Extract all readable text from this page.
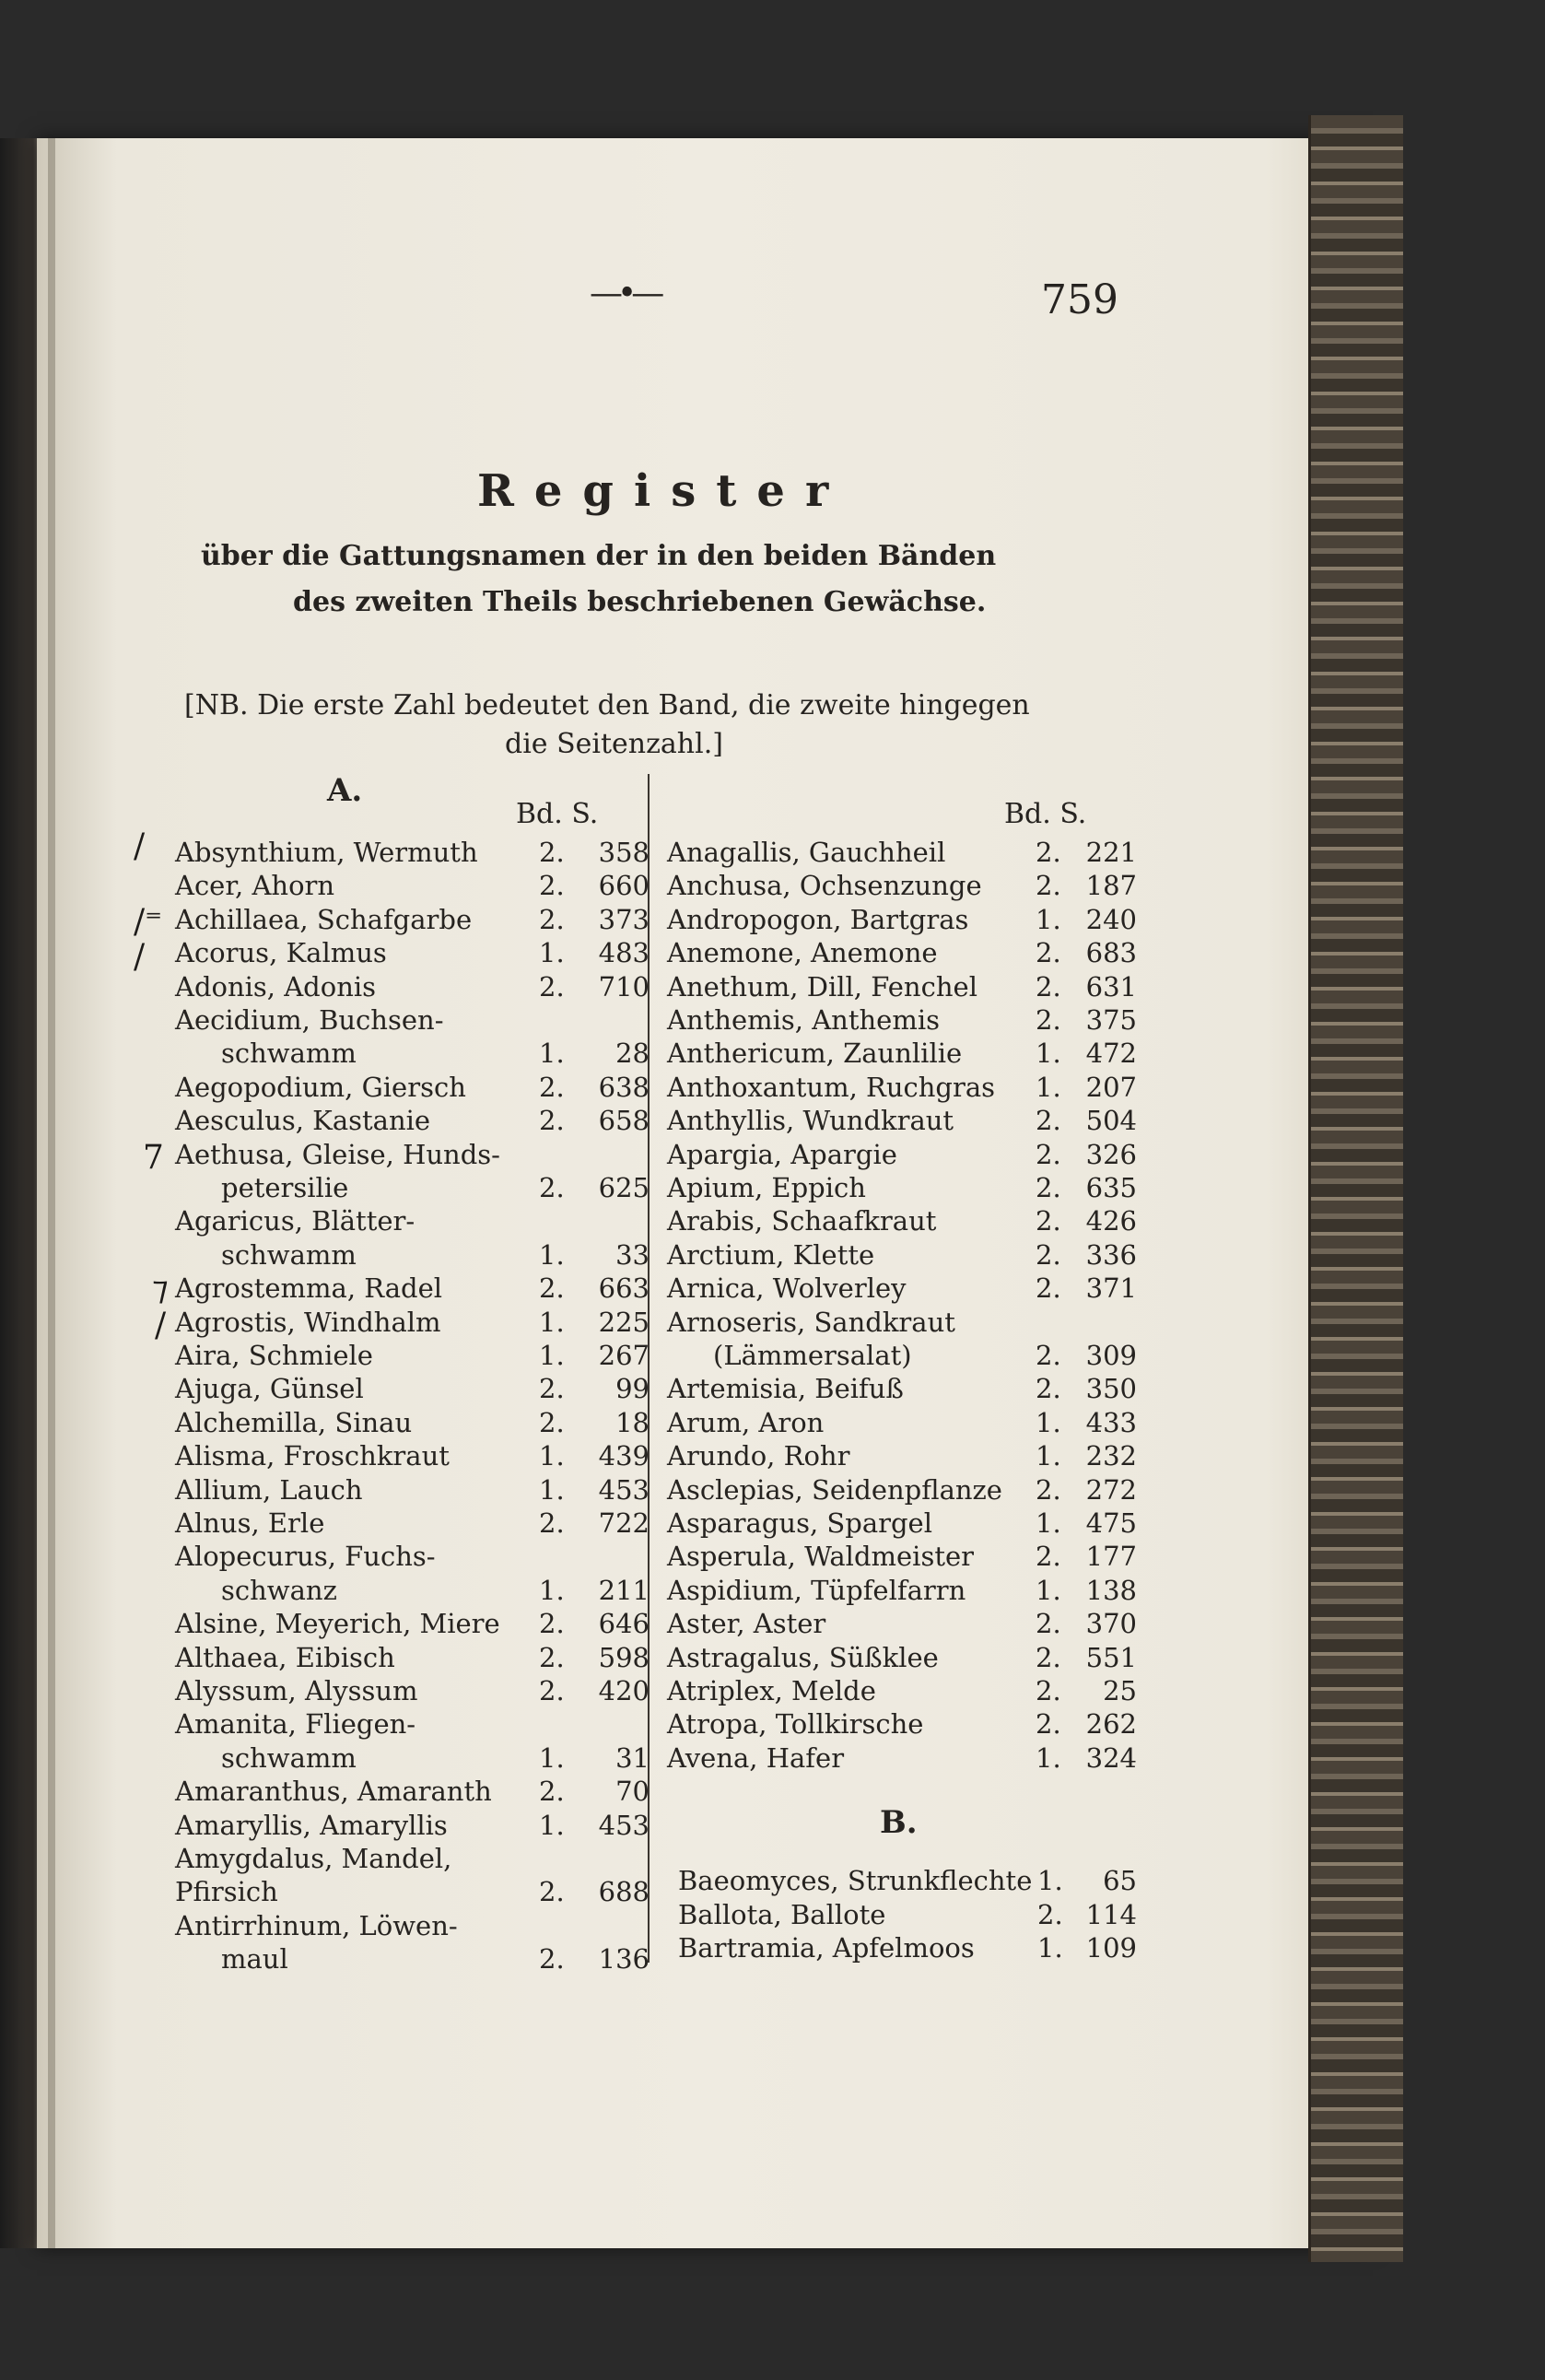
—•—	759
Register
über die Gattungsnamen der in den beiden Bänden
des zweiten Theils beschriebenen Gewächse.
[NB. Die erste Zahl bedeutet den Band, die zweite hingegen
die Seitenzahl.]
A.
Bd. S.	Bd. S.
Absynthium, Wermuth 2.	358
Acer, Ahorn	2.	660
Achillaea, Schafgarbe	2.	373
Acorus, Kalmus	1.	483
Adonis, Adonis	2.	710
Aecidium, Buchsen-
schwamm	1.	28
Aegopodium, Giersch	2.	638
Aesculus, Kastanie	2.	658
Aethusa, Gleise, Hunds-
petersilie	2.	625
Agaricus, Blätter-
schwamm	1.	33
Agrostemma, Radel	2.	663
Agrostis, Windhalm	1.	225
Aira, Schmiele	1.	267
Ajuga, Günsel	2.	99
Alchemilla, Sinau	2.	18
Alisma, Froschkraut	1.	439
Allium, Lauch	1.	453
Alnus, Erle	2.	722
Alopecurus, Fuchs-
schwanz	1.	211
Alsine, Meyerich, Miere 2.	646
Althaea, Eibisch	2.	598
Alyssum, Alyssum	2.	420
Amanita, Fliegen-
schwamm	1.	31
Amaranthus, Amaranth 2.	70
Amaryllis, Amaryllis	1.	453
Amygdalus, Mandel,
Pfirsich	2.	688
Antirrhinum, Löwen-
maul	2.	136
Anagallis, Gauchheil	2. 221
Anchusa, Ochsenzunge 2. 187
Andropogon, Bartgras	1. 240
Anemone, Anemone	2. 683
Anethum, Dill, Fenchel 2. 631
Anthemis, Anthemis	2. 375
Anthericum, Zaunlilie	1. 472
Anthoxantum, Ruchgras 1. 207
Anthyllis, Wundkraut	2. 504
Apargia, Apargie	2. 326
Apium, Eppich	2. 635
Arabis, Schaafkraut	2. 426
Arctium, Klette	2. 336
Arnica, Wolverley	2. 371
Arnoseris, Sandkraut
(Lämmersalat)	2. 309
Artemisia, Beifuß	2. 350
Arum, Aron	1. 433
Arundo, Rohr	1. 232
Asclepias, Seidenpflanze 2. 272
Asparagus, Spargel	1. 475
Asperula, Waldmeister 2. 177
Aspidium, Tüpfelfarrn	1. 138
Aster, Aster	2. 370
Astragalus, Süßklee	2. 551
Atriplex, Melde	2.	25
Atropa, Tollkirsche	2. 262
Avena, Hafer	1. 324
B.
Baeomyces, Strunkflechte 1.	65
Ballota, Ballote	2. 114
Bartramia, Apfelmoos 1. 109
/
/⁼
/
7
⁊
/
